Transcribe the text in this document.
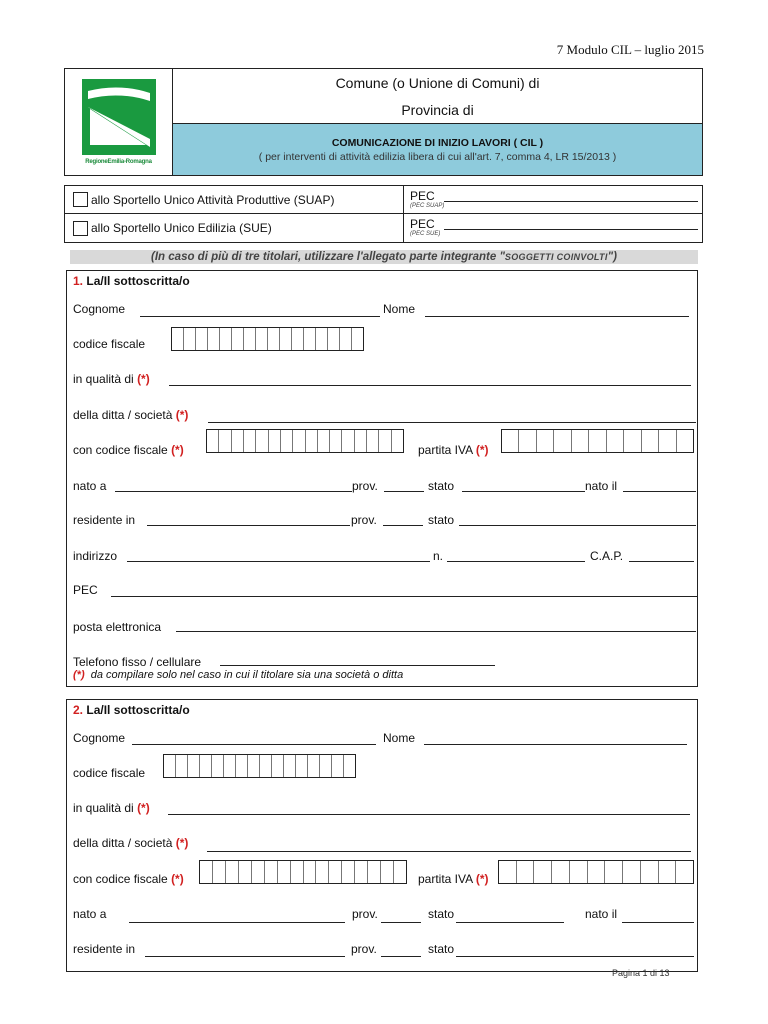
7 Modulo CIL – luglio 2015
RegioneEmilia-Romagna
Comune (o Unione di Comuni) di
Provincia di
COMUNICAZIONE DI INIZIO LAVORI ( CIL )
( per interventi di attività edilizia libera di cui all'art. 7, comma 4, LR 15/2013 )
allo Sportello Unico Attività Produttive (SUAP)	PEC
(PEC SUAP)
allo Sportello Unico Edilizia (SUE)	PEC
(PEC SUE)
(In caso di più di tre titolari, utilizzare l'allegato parte integrante "SOGGETTI COINVOLTI")
1. La/Il sottoscritta/o
Cognome	Nome
codice fiscale
in qualità di (*)
della ditta / società (*)
con codice fiscale (*)	partita IVA (*)
nato a	prov.	stato	nato il
residente in	prov.	stato
indirizzo	n.	C.A.P.
PEC
posta elettronica
Telefono fisso / cellulare
(*) da compilare solo nel caso in cui il titolare sia una società o ditta
2. La/Il sottoscritta/o
Cognome	Nome
codice fiscale
in qualità di (*)
della ditta / società (*)
con codice fiscale (*)	partita IVA (*)
nato a	prov.	stato	nato il
residente in	prov.	stato
Pagina 1 di 13
